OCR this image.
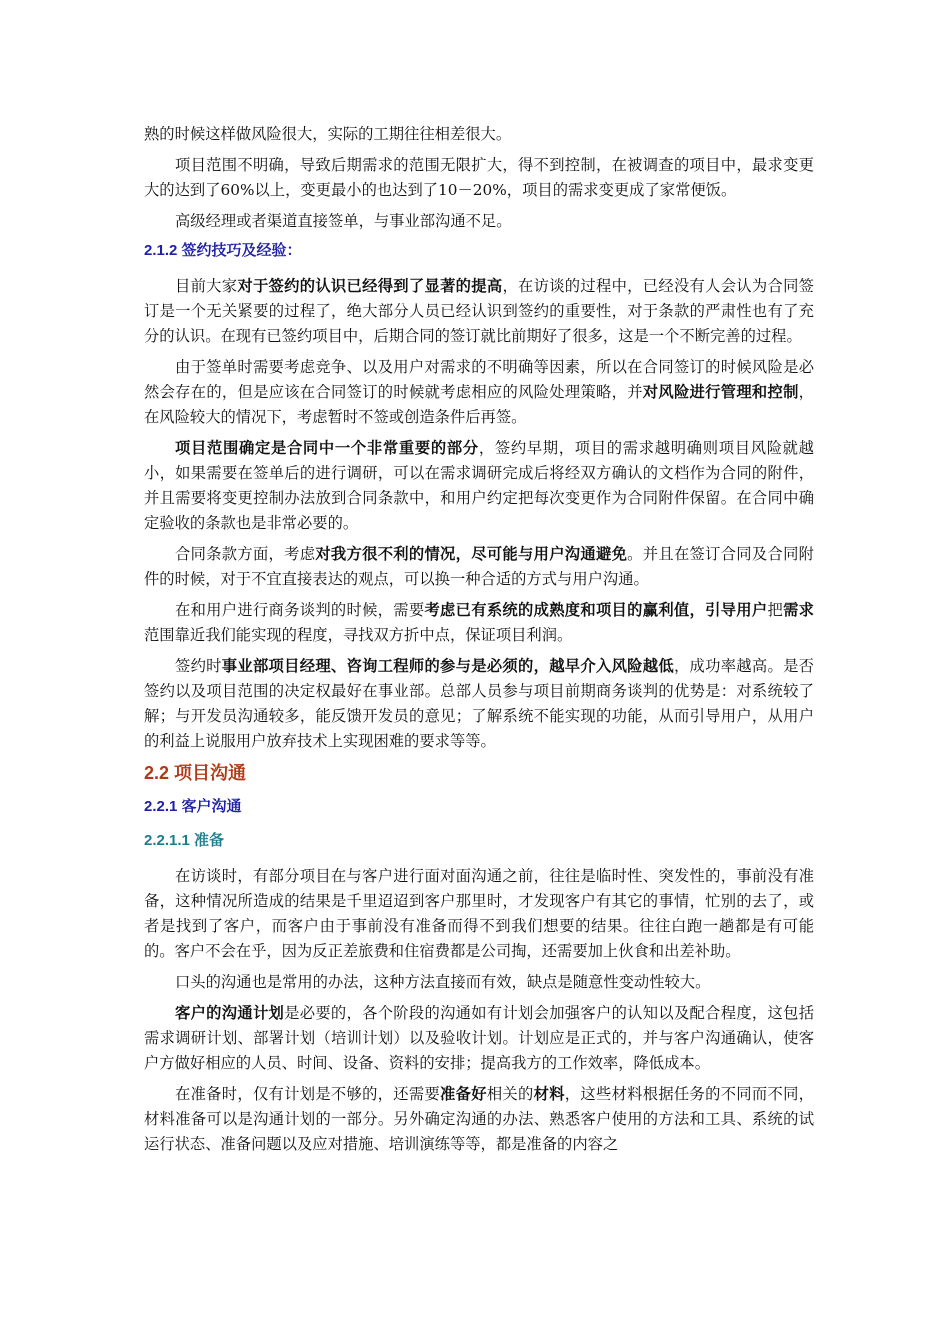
熟的时候这样做风险很大，实际的工期往往相差很大。

项目范围不明确，导致后期需求的范围无限扩大，得不到控制，在被调查的项目中，最求变更大的达到了60%以上，变更最小的也达到了10－20%，项目的需求变更成了家常便饭。

高级经理或者渠道直接签单，与事业部沟通不足。

2.1.2 签约技巧及经验：

目前大家对于签约的认识已经得到了显著的提高，在访谈的过程中，已经没有人会认为合同签订是一个无关紧要的过程了，绝大部分人员已经认识到签约的重要性，对于条款的严肃性也有了充分的认识。在现有已签约项目中，后期合同的签订就比前期好了很多，这是一个不断完善的过程。

由于签单时需要考虑竞争、以及用户对需求的不明确等因素，所以在合同签订的时候风险是必然会存在的，但是应该在合同签订的时候就考虑相应的风险处理策略，并对风险进行管理和控制，在风险较大的情况下，考虑暂时不签或创造条件后再签。

项目范围确定是合同中一个非常重要的部分，签约早期，项目的需求越明确则项目风险就越小，如果需要在签单后的进行调研，可以在需求调研完成后将经双方确认的文档作为合同的附件，并且需要将变更控制办法放到合同条款中，和用户约定把每次变更作为合同附件保留。在合同中确定验收的条款也是非常必要的。

合同条款方面，考虑对我方很不利的情况，尽可能与用户沟通避免。并且在签订合同及合同附件的时候，对于不宜直接表达的观点，可以换一种合适的方式与用户沟通。

在和用户进行商务谈判的时候，需要考虑已有系统的成熟度和项目的赢利值，引导用户把需求范围靠近我们能实现的程度，寻找双方折中点，保证项目利润。

签约时事业部项目经理、咨询工程师的参与是必须的，越早介入风险越低，成功率越高。是否签约以及项目范围的决定权最好在事业部。总部人员参与项目前期商务谈判的优势是：对系统较了解；与开发员沟通较多，能反馈开发员的意见；了解系统不能实现的功能，从而引导用户，从用户的利益上说服用户放弃技术上实现困难的要求等等。

2.2 项目沟通
2.2.1 客户沟通
2.2.1.1 准备

在访谈时，有部分项目在与客户进行面对面沟通之前，往往是临时性、突发性的，事前没有准备，这种情况所造成的结果是千里迢迢到客户那里时，才发现客户有其它的事情，忙别的去了，或者是找到了客户，而客户由于事前没有准备而得不到我们想要的结果。往往白跑一趟都是有可能的。客户不会在乎，因为反正差旅费和住宿费都是公司掏，还需要加上伙食和出差补助。

口头的沟通也是常用的办法，这种方法直接而有效，缺点是随意性变动性较大。

客户的沟通计划是必要的，各个阶段的沟通如有计划会加强客户的认知以及配合程度，这包括需求调研计划、部署计划（培训计划）以及验收计划。计划应是正式的，并与客户沟通确认，使客户方做好相应的人员、时间、设备、资料的安排；提高我方的工作效率，降低成本。

在准备时，仅有计划是不够的，还需要准备好相关的材料，这些材料根据任务的不同而不同，材料准备可以是沟通计划的一部分。另外确定沟通的办法、熟悉客户使用的方法和工具、系统的试运行状态、准备问题以及应对措施、培训演练等等，都是准备的内容之
